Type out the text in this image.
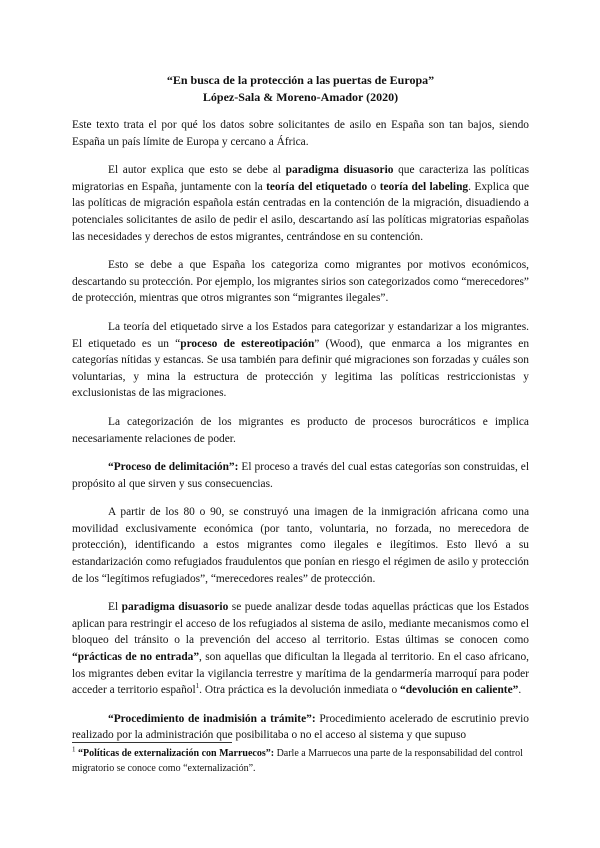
“En busca de la protección a las puertas de Europa”
López-Sala & Moreno-Amador (2020)

Este texto trata el por qué los datos sobre solicitantes de asilo en España son tan bajos, siendo España un país límite de Europa y cercano a África.

El autor explica que esto se debe al paradigma disuasorio que caracteriza las políticas migratorias en España, juntamente con la teoría del etiquetado o teoría del labeling. Explica que las políticas de migración española están centradas en la contención de la migración, disuadiendo a potenciales solicitantes de asilo de pedir el asilo, descartando así las políticas migratorias españolas las necesidades y derechos de estos migrantes, centrándose en su contención.

Esto se debe a que España los categoriza como migrantes por motivos económicos, descartando su protección. Por ejemplo, los migrantes sirios son categorizados como “merecedores” de protección, mientras que otros migrantes son “migrantes ilegales”.

La teoría del etiquetado sirve a los Estados para categorizar y estandarizar a los migrantes. El etiquetado es un “proceso de estereotipación” (Wood), que enmarca a los migrantes en categorías nítidas y estancas. Se usa también para definir qué migraciones son forzadas y cuáles son voluntarias, y mina la estructura de protección y legitima las políticas restriccionistas y exclusionistas de las migraciones.

La categorización de los migrantes es producto de procesos burocráticos e implica necesariamente relaciones de poder.

“Proceso de delimitación”: El proceso a través del cual estas categorías son construidas, el propósito al que sirven y sus consecuencias.

A partir de los 80 o 90, se construyó una imagen de la inmigración africana como una movilidad exclusivamente económica (por tanto, voluntaria, no forzada, no merecedora de protección), identificando a estos migrantes como ilegales e ilegítimos. Esto llevó a su estandarización como refugiados fraudulentos que ponían en riesgo el régimen de asilo y protección de los “legítimos refugiados”, “merecedores reales” de protección.

El paradigma disuasorio se puede analizar desde todas aquellas prácticas que los Estados aplican para restringir el acceso de los refugiados al sistema de asilo, mediante mecanismos como el bloqueo del tránsito o la prevención del acceso al territorio. Estas últimas se conocen como “prácticas de no entrada”, son aquellas que dificultan la llegada al territorio. En el caso africano, los migrantes deben evitar la vigilancia terrestre y marítima de la gendarmería marroquí para poder acceder a territorio español$^1$. Otra práctica es la devolución inmediata o “devolución en caliente”.

“Procedimiento de inadmisión a trámite”: Procedimiento acelerado de escrutinio previo realizado por la administración que posibilitaba o no el acceso al sistema y que supuso

$^1$ “Políticas de externalización con Marruecos”: Darle a Marruecos una parte de la responsabilidad del control migratorio se conoce como “externalización”.
